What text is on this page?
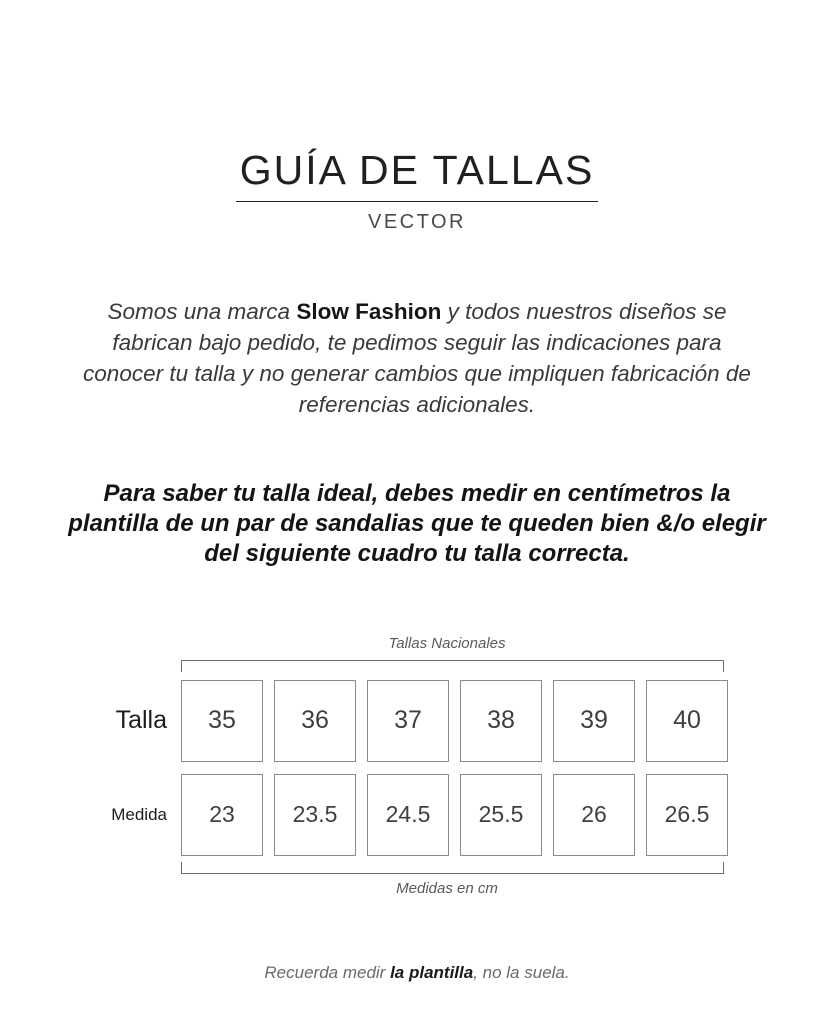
GUÍA DE TALLAS
VECTOR

Somos una marca Slow Fashion y todos nuestros diseños se fabrican bajo pedido, te pedimos seguir las indicaciones para conocer tu talla y no generar cambios que impliquen fabricación de referencias adicionales.

Para saber tu talla ideal, debes medir en centímetros la plantilla de un par de sandalias que te queden bien &/o elegir del siguiente cuadro tu talla correcta.

Tallas Nacionales
Talla	35	36	37	38	39	40
Medida	23	23.5	24.5	25.5	26	26.5
Medidas en cm

Recuerda medir la plantilla, no la suela.
